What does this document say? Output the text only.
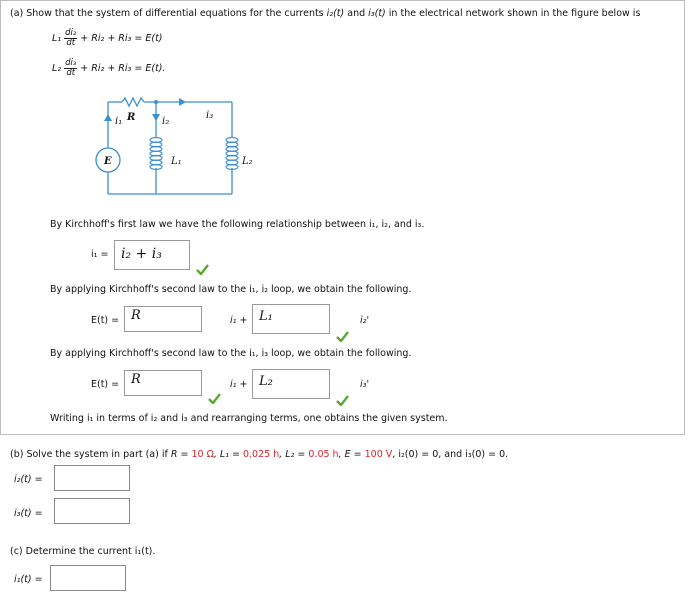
(a) Show that the system of differential equations for the currents i₂(t) and i₃(t) in the electrical network shown in the figure below is
$L_1 \frac{\text{di₂}}{dt} + Ri_2 + Ri_3 = E(t)$
$L_2 \frac{\text{di₃}}{dt} + Ri_2 + Ri_3 = E(t)$.
i₁ R	i₂
i₃
E	L₁	L₂
By Kirchhoff's first law we have the following relationship between i₁, i₂, and i₃.
i₁ = i₂ + i₃
By applying Kirchhoff's second law to the i₁, i₂ loop, we obtain the following.
E(t) = R	i₁ + L₁	i₂'
By applying Kirchhoff's second law to the i₁, i₃ loop, we obtain the following.
E(t) = R	i₁ + L₂	i₃'
Writing i₁ in terms of i₂ and i₃ and rearranging terms, one obtains the given system.
(b) Solve the system in part (a) if R = 10 Ω, L₁ = 0.025 h, L₂ = 0.05 h, E = 100 V, i₂(0) = 0, and i₃(0) = 0.
i₂(t) =
i₃(t) =
(c) Determine the current i₁(t).
i₁(t) =
